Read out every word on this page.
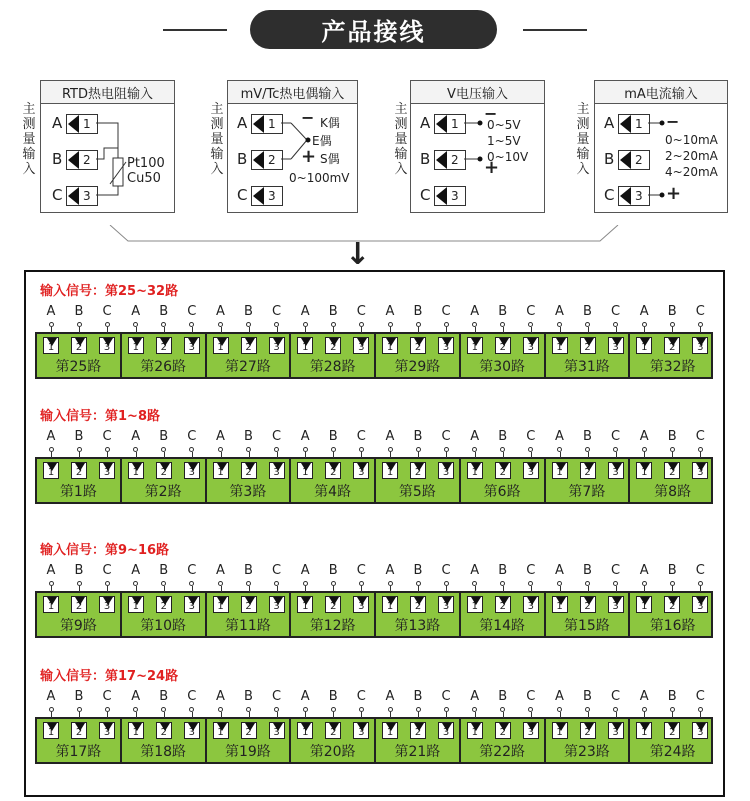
产品接线
主测量输入
RTD热电阻输入
A
B
C
1
2
3
Pt100
Cu50
主测量输入
mV/Tc热电偶输入
A
B
C
1
2
3
− K偶
E偶
+ S偶
0~100mV
主测量输入
V电压输入
A
B
C
1
2
3
−
0~5V
1~5V
0~10V
+
主测量输入
mA电流输入
A
B
C
1
2
3
−
0~10mA
2~20mA
4~20mA
+
↓
输入信号：第25~32路
1 2 3
第25路
1 2 3
第26路
1 2 3
第27路
1 2 3
第28路
1 2 3
第29路
1 2 3
第30路
1 2 3
第31路
1 2 3
第32路
A B C A B C A B C A B C A B C A B C A B C A B C
输入信号：第1~8路
1 2 3
第1路
1 2 3
第2路
1 2 3
第3路
1 2 3
第4路
1 2 3
第5路
1 2 3
第6路
1 2 3
第7路
1 2 3
第8路
A B C A B C A B C A B C A B C A B C A B C A B C
输入信号：第9~16路
1 2 3
第9路
1 2 3
第10路
1 2 3
第11路
1 2 3
第12路
1 2 3
第13路
1 2 3
第14路
1 2 3
第15路
1 2 3
第16路
A B C A B C A B C A B C A B C A B C A B C A B C
输入信号：第17~24路
1 2 3
第17路
1 2 3
第18路
1 2 3
第19路
1 2 3
第20路
1 2 3
第21路
1 2 3
第22路
1 2 3
第23路
1 2 3
第24路
A B C A B C A B C A B C A B C A B C A B C A B C
